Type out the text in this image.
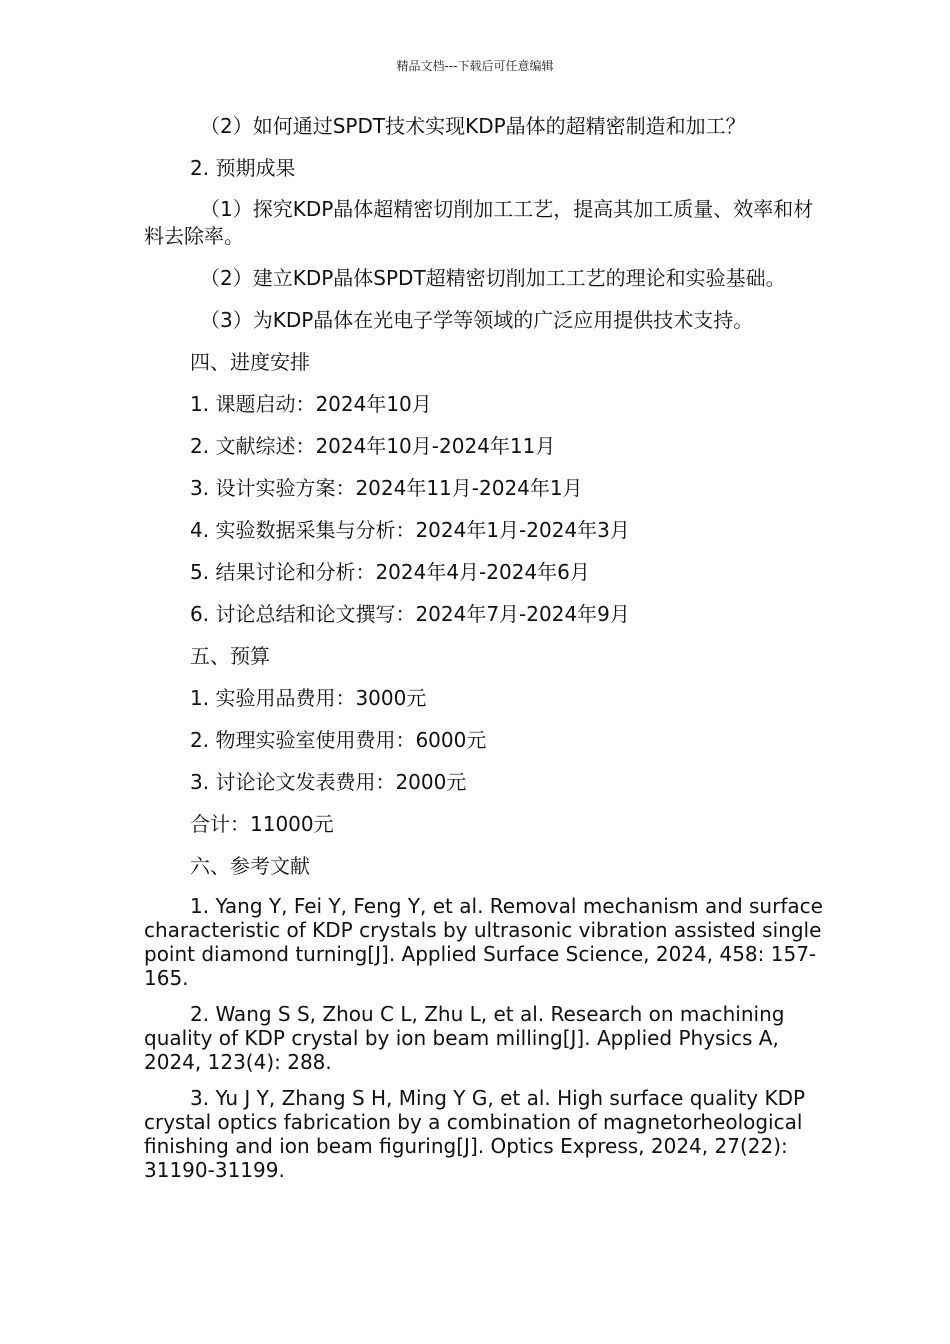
精品文档---下载后可任意编辑
（2）如何通过SPDT技术实现KDP晶体的超精密制造和加工？
2. 预期成果
（1）探究KDP晶体超精密切削加工工艺，提高其加工质量、效率和材料去除率。
（2）建立KDP晶体SPDT超精密切削加工工艺的理论和实验基础。
（3）为KDP晶体在光电子学等领域的广泛应用提供技术支持。
四、进度安排
1. 课题启动：2024年10月
2. 文献综述：2024年10月-2024年11月
3. 设计实验方案：2024年11月-2024年1月
4. 实验数据采集与分析：2024年1月-2024年3月
5. 结果讨论和分析：2024年4月-2024年6月
6. 讨论总结和论文撰写：2024年7月-2024年9月
五、预算
1. 实验用品费用：3000元
2. 物理实验室使用费用：6000元
3. 讨论论文发表费用：2000元
合计：11000元
六、参考文献
1. Yang Y, Fei Y, Feng Y, et al. Removal mechanism and surface characteristic of KDP crystals by ultrasonic vibration assisted single point diamond turning[J]. Applied Surface Science, 2024, 458: 157-165.
2. Wang S S, Zhou C L, Zhu L, et al. Research on machining quality of KDP crystal by ion beam milling[J]. Applied Physics A, 2024, 123(4): 288.
3. Yu J Y, Zhang S H, Ming Y G, et al. High surface quality KDP crystal optics fabrication by a combination of magnetorheological finishing and ion beam figuring[J]. Optics Express, 2024, 27(22): 31190-31199.
